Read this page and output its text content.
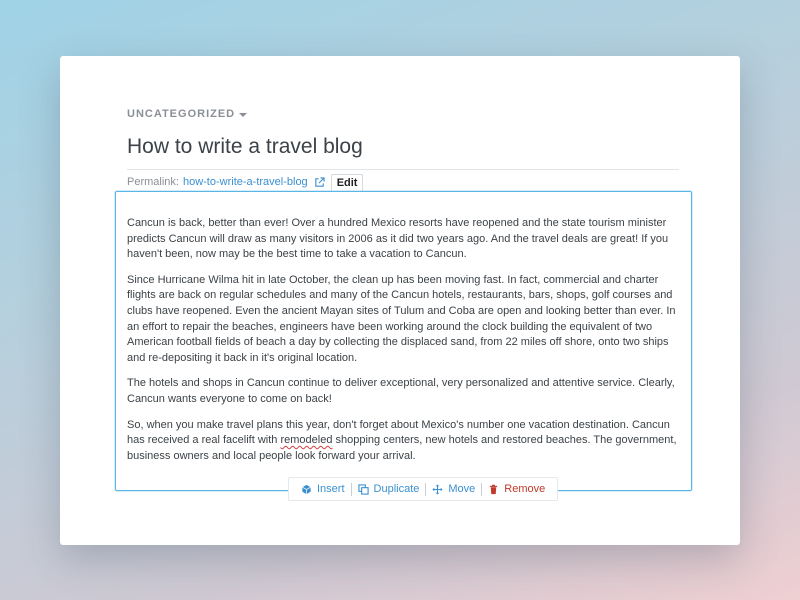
UNCATEGORIZED
How to write a travel blog
Permalink: how-to-write-a-travel-blog	Edit

Cancun is back, better than ever! Over a hundred Mexico resorts have reopened and the state tourism minister predicts Cancun will draw as many visitors in 2006 as it did two years ago. And the travel deals are great! If you haven't been, now may be the best time to take a vacation to Cancun.

Since Hurricane Wilma hit in late October, the clean up has been moving fast. In fact, commercial and charter flights are back on regular schedules and many of the Cancun hotels, restaurants, bars, shops, golf courses and clubs have reopened. Even the ancient Mayan sites of Tulum and Coba are open and looking better than ever. In an effort to repair the beaches, engineers have been working around the clock building the equivalent of two American football fields of beach a day by collecting the displaced sand, from 22 miles off shore, onto two ships and re-depositing it back in it's original location.

The hotels and shops in Cancun continue to deliver exceptional, very personalized and attentive service. Clearly, Cancun wants everyone to come on back!

So, when you make travel plans this year, don't forget about Mexico's number one vacation destination. Cancun has received a real facelift with remodeled shopping centers, new hotels and restored beaches. The government, business owners and local people look forward your arrival.

Insert	Duplicate	Move	Remove
